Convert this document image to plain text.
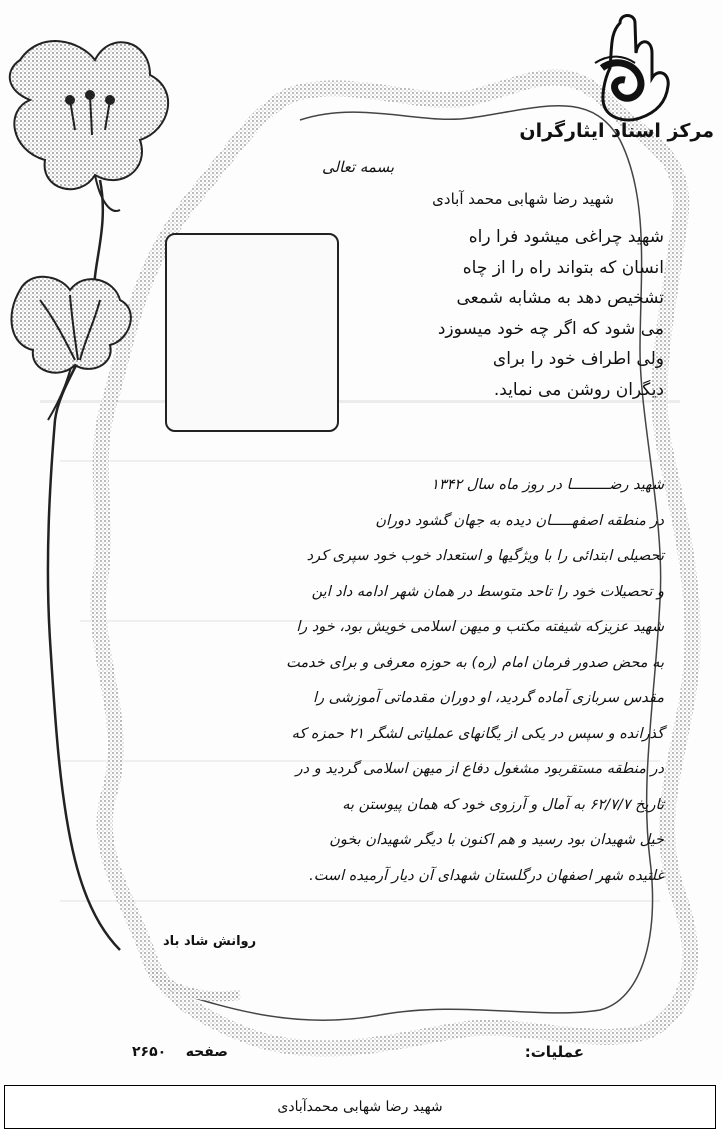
مرکز اسناد ایثارگران
بسمه تعالی
شهید رضا شهابی محمد آبادی
شهید چراغی میشود فرا راه
انسان که بتواند راه را از چاه
تشخیص دهد به مشابه شمعی
می شود که اگر چه خود میسوزد
ولی اطراف خود را برای
دیگران روشن می نماید.
شهید رضـــــــــا در روز ماه سال ۱۳۴۲
در منطقه اصفهـــــان دیده به جهان گشود دوران
تحصیلی ابتدائی را با ویژگیها و استعداد خوب خود سپری کرد
و تحصیلات خود را تاحد متوسط در همان شهر ادامه داد این
شهید عزیزکه شیفته مکتب و میهن اسلامی خویش بود، خود را
به محض صدور فرمان امام (ره) به حوزه معرفی و برای خدمت
مقدس سربازی آماده گردید، او دوران مقدماتی آموزشی را
گذرانده و سپس در یکی از یگانهای عملیاتی لشگر ۲۱ حمزه که
در منطقه مستقربود مشغول دفاع از میهن اسلامی گردید و در
تاریخ ۶۲/۷/۷ به آمال و آرزوی خود که همان پیوستن به
خیل شهیدان بود رسید و هم اکنون با دیگر شهیدان بخون
غلتیده شهر اصفهان درگلستان شهدای آن دیار آرمیده است.
روانش شاد باد
عملیات:
صفحه    ۲۶۵۰
شهید رضا شهابی محمدآبادی
